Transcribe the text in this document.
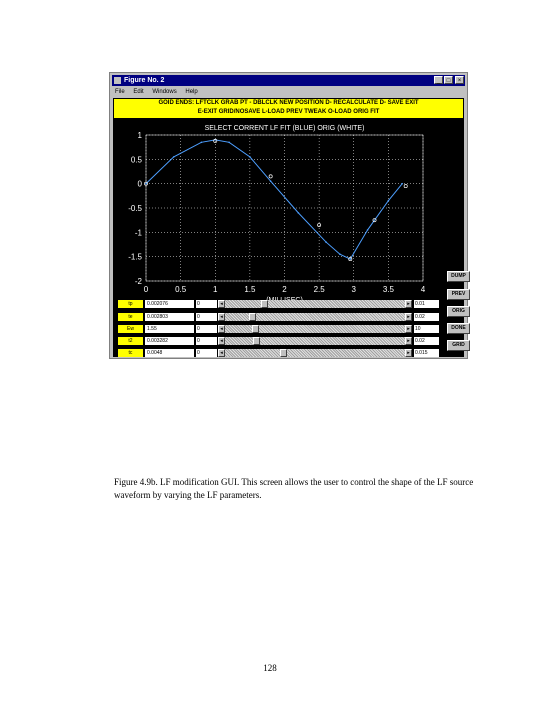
Figure No. 2	_	□	×
File Edit Windows Help
GOID ENDS: LFTCLK GRAB PT - DBLCLK NEW POSITION D- RECALCULATE D- SAVE EXIT
E-EXIT GRID/NOSAVE L-LOAD PREV TWEAK O-LOAD ORIG FIT
0	0.5	1	1.5	2	2.5	3	3.5	4
1
0.5
0
-0.5
-1
-1.5
-2
SELECT CORRENT LF FIT (BLUE) ORIG (WHITE)
DUMP
PREV
ORIG
DONE
GRID
tp	0.002076	0	◂	▸	0.01
te	0.002803	0	◂	▸	0.02
Ew	1.55	0	◂	▸	10
t2	0.003282	0	◂	▸	0.02
tc	0.0048	0	◂	▸	0.015
Figure 4.9b. LF modification GUI. This screen allows the user to control the shape of the LF source waveform by varying the LF parameters.
128
